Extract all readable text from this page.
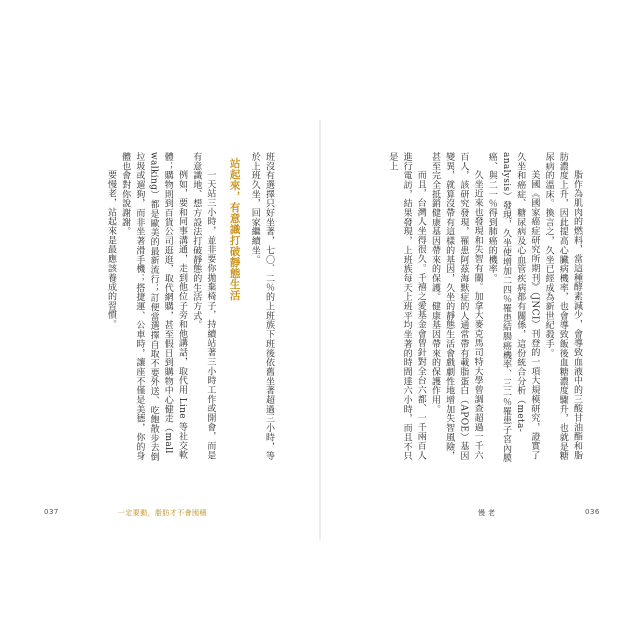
脂作為肌肉的燃料，當這種酵素減少，會導致血液中的三酸甘油酯和脂肪濃度上升，因此提高心臟病機率，也會導致飯後血糖濃度驟升，也就是糖尿病的溫床。換言之，久坐已經成為新世紀殺手。

美國《國家癌症研究所期刊》（JNCI）刊登的一項大規模研究，證實了久坐和癌症、糖尿病及心血管疾病都有關係，這份統合分析（meta-analysis）發現，久坐使增加二四％罹患結腸癌機率、三二％罹患子宮內膜癌、與二一％得到肺癌的機率。

久坐近來也發現和失智有關。加拿大麥克馬司特大學曾調查超過一千六百人，該研究發現，罹患阿茲海默症的人通常帶有載脂蛋白（APOE）基因變異，就算沒帶有這樣的基因，久坐的靜態生活會戲劇性地增加失智風險，甚至完全抵銷健康基因帶來的保護。健康基因帶來的保護作用。

而且，台灣人坐得很久。千禧之愛基金會曾針對全台六都、一千兩百人進行電訪，結果發現，上班族每天上班平均坐著的時間達六小時，而且不只是上

班沒有選擇只好坐著，七〇．二％的上班族下班後依舊坐著超過三小時，等於上班久坐，回家繼續坐。

站起來，有意識打破靜態生活

一天站三小時，並非要你拋棄椅子，持續站著三小時工作或開會，而是有意識地、想方設法打破靜態的生活方式。

例如，要和同事溝通，走到他位子旁和他講話，取代用 Line 等社交軟體；購物則到百貨公司逛逛，取代網購，甚至假日到購物中心健走（mall walking）都是歐美的最新流行；訂便當選擇自取不要外送、吃飽散步去倒垃圾或遛狗，而非坐著滑手機；搭捷運、公車時，讓座不僅是美德，你的身體也會對你說謝謝。

要慢老，站起來是最應該養成的習慣。

037	一定要動，脂肪才不會囤積	慢老	036
